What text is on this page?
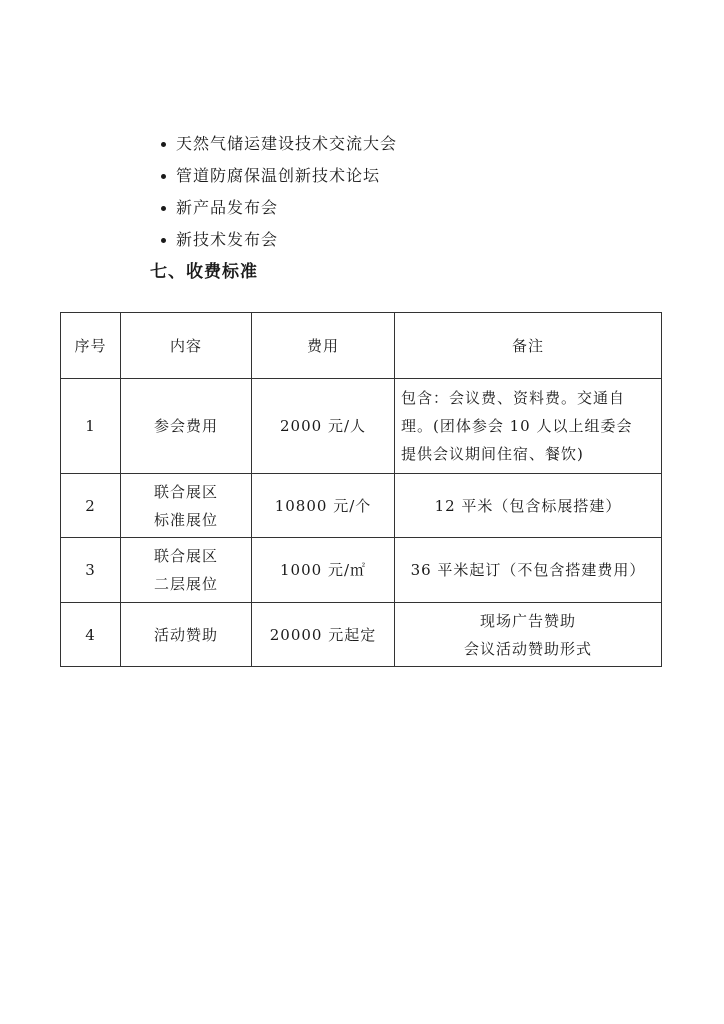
天然气储运建设技术交流大会
管道防腐保温创新技术论坛
新产品发布会
新技术发布会
七、收费标准
序号	内容	费用	备注
1	参会费用	2000 元/人	包含：会议费、资料费。交通自
理。(团体参会 10 人以上组委会
提供会议期间住宿、餐饮)

2	联合展区
标准展位	10800 元/个	12 平米（包含标展搭建）

3	联合展区
二层展位	1000 元/㎡	36 平米起订（不包含搭建费用）

4	活动赞助	20000 元起定	现场广告赞助
会议活动赞助形式
